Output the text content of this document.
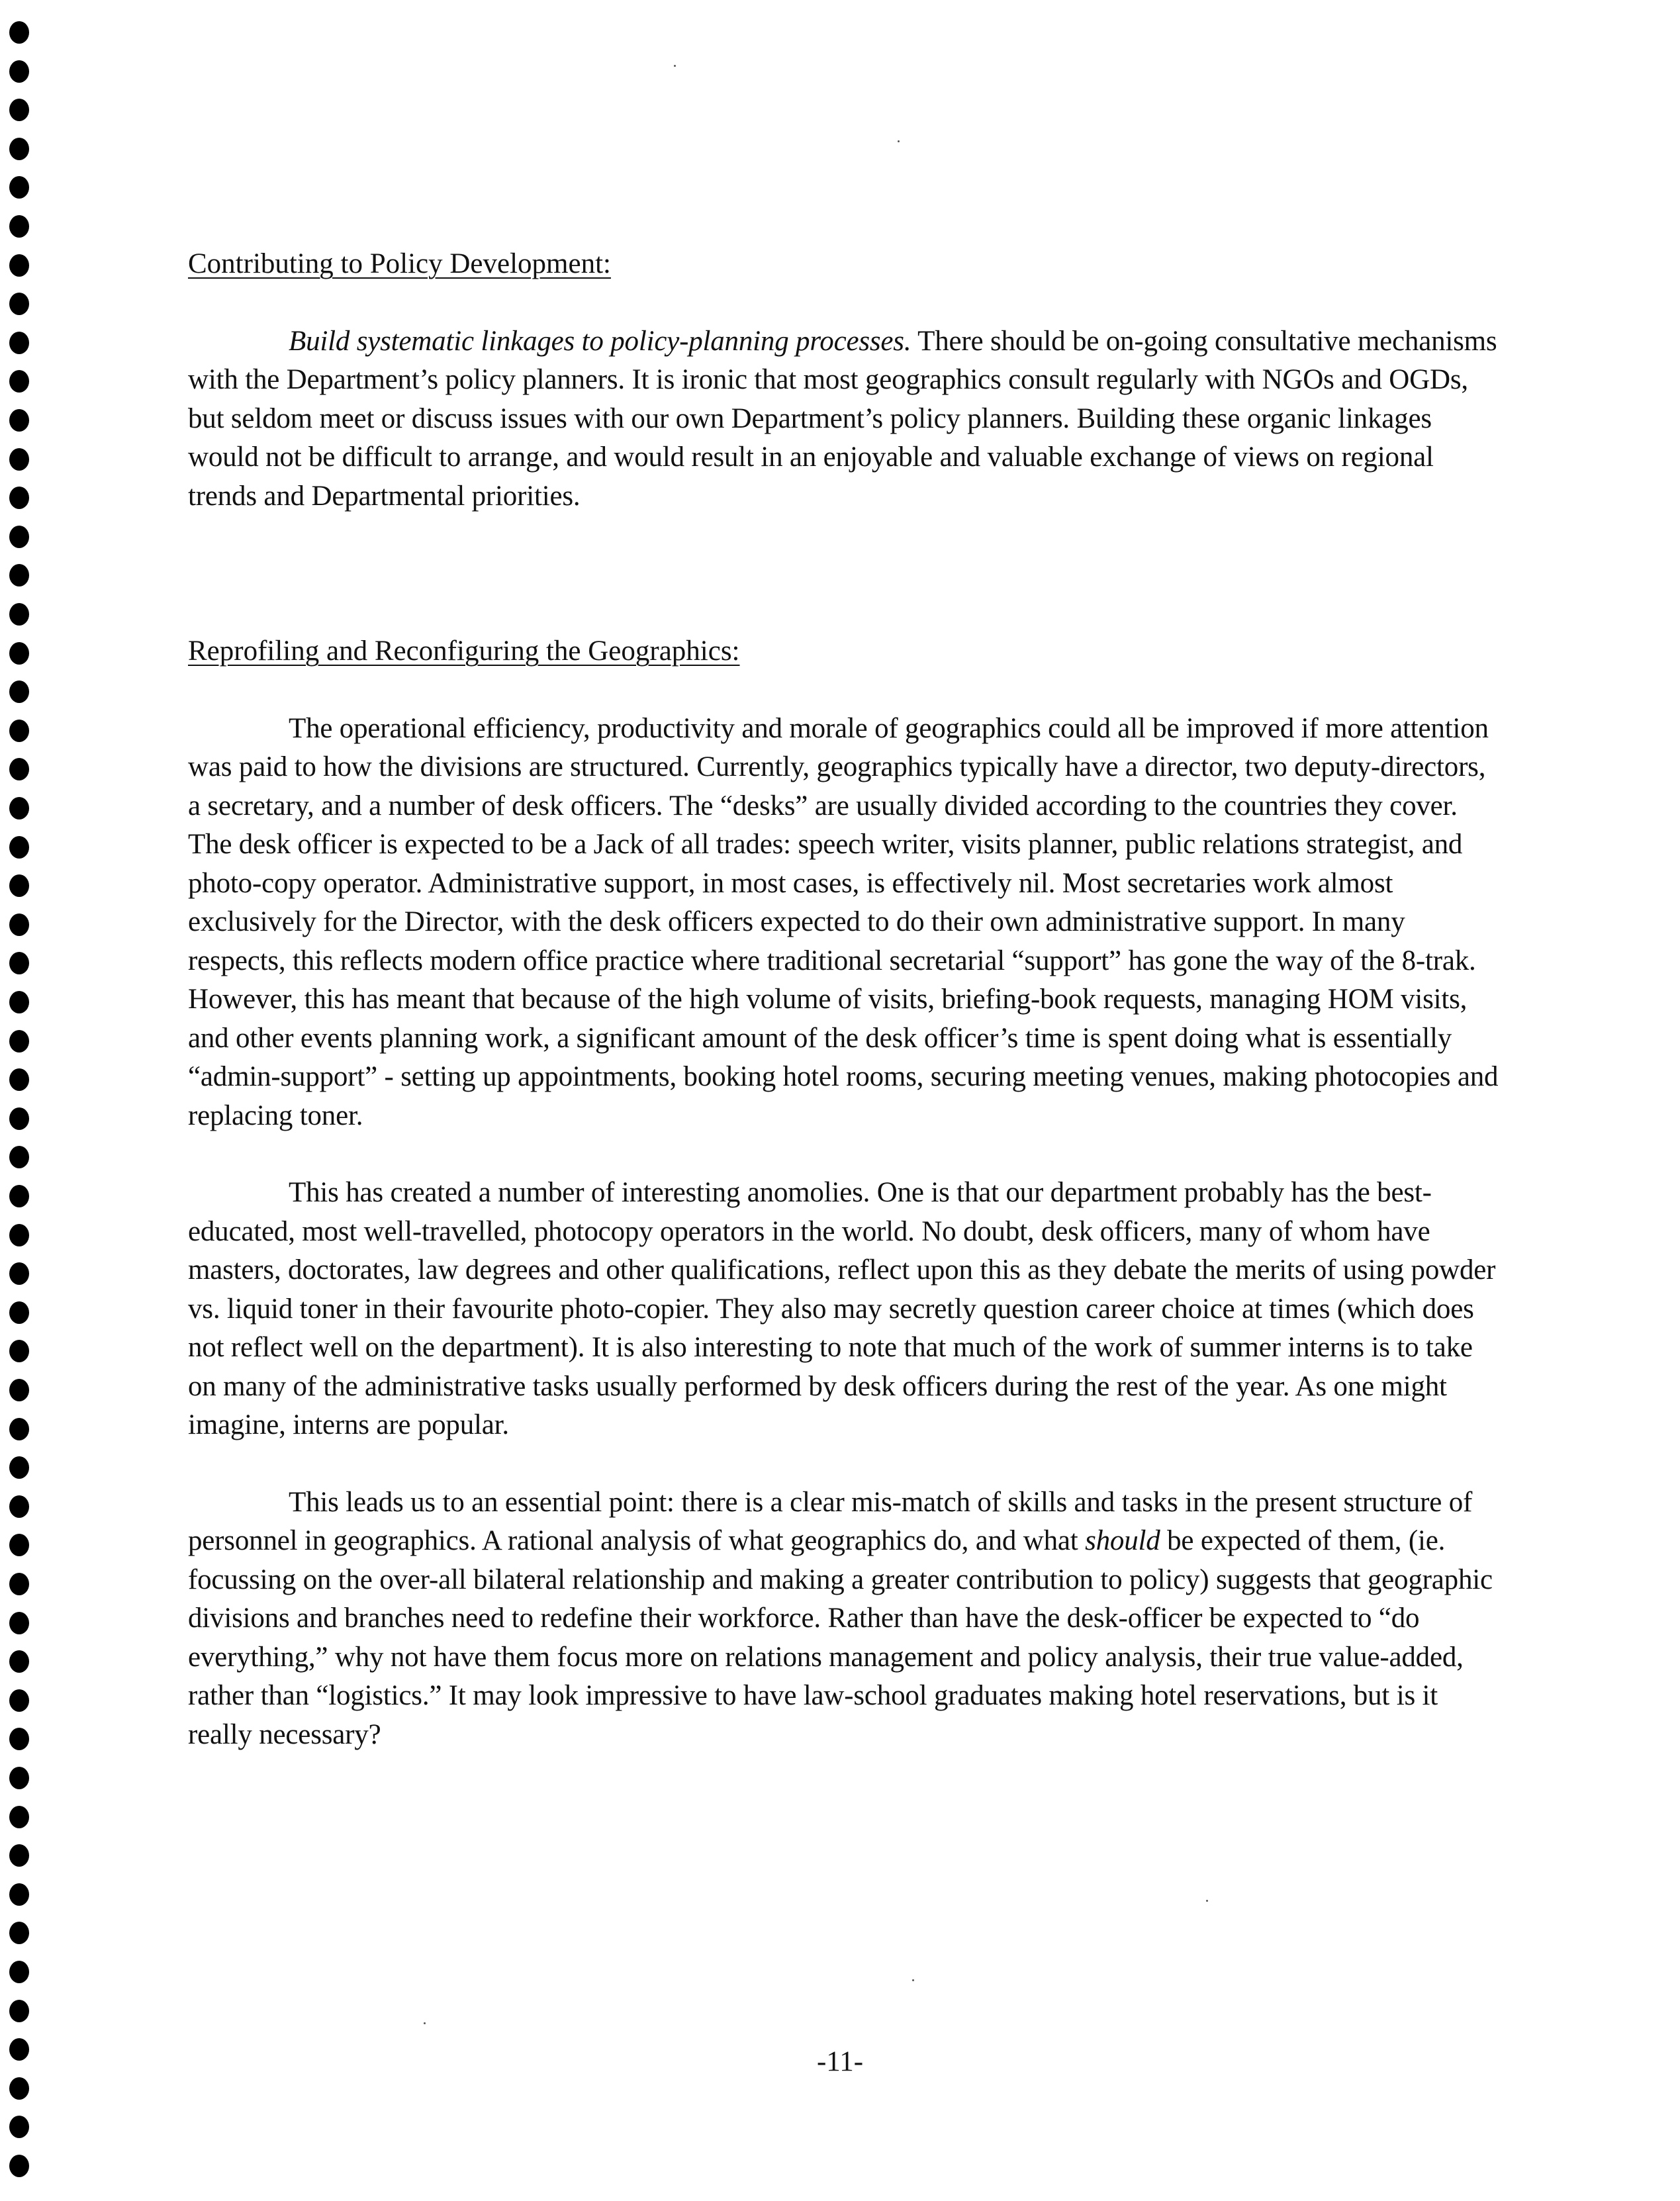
Contributing to Policy Development:

Build systematic linkages to policy-planning processes. There should be on-going consultative mechanisms with the Department’s policy planners. It is ironic that most geographics consult regularly with NGOs and OGDs, but seldom meet or discuss issues with our own Department’s policy planners. Building these organic linkages would not be difficult to arrange, and would result in an enjoyable and valuable exchange of views on regional trends and Departmental priorities.

Reprofiling and Reconfiguring the Geographics:

The operational efficiency, productivity and morale of geographics could all be improved if more attention was paid to how the divisions are structured. Currently, geographics typically have a director, two deputy-directors, a secretary, and a number of desk officers. The “desks” are usually divided according to the countries they cover. The desk officer is expected to be a Jack of all trades: speech writer, visits planner, public relations strategist, and photo-copy operator. Administrative support, in most cases, is effectively nil. Most secretaries work almost exclusively for the Director, with the desk officers expected to do their own administrative support. In many respects, this reflects modern office practice where traditional secretarial “support” has gone the way of the 8-trak. However, this has meant that because of the high volume of visits, briefing-book requests, managing HOM visits, and other events planning work, a significant amount of the desk officer’s time is spent doing what is essentially “admin-support” - setting up appointments, booking hotel rooms, securing meeting venues, making photocopies and replacing toner.

This has created a number of interesting anomolies. One is that our department probably has the best-educated, most well-travelled, photocopy operators in the world. No doubt, desk officers, many of whom have masters, doctorates, law degrees and other qualifications, reflect upon this as they debate the merits of using powder vs. liquid toner in their favourite photo-copier. They also may secretly question career choice at times (which does not reflect well on the department). It is also interesting to note that much of the work of summer interns is to take on many of the administrative tasks usually performed by desk officers during the rest of the year. As one might imagine, interns are popular.

This leads us to an essential point: there is a clear mis-match of skills and tasks in the present structure of personnel in geographics. A rational analysis of what geographics do, and what should be expected of them, (ie. focussing on the over-all bilateral relationship and making a greater contribution to policy) suggests that geographic divisions and branches need to redefine their workforce. Rather than have the desk-officer be expected to “do everything,” why not have them focus more on relations management and policy analysis, their true value-added, rather than “logistics.” It may look impressive to have law-school graduates making hotel reservations, but is it really necessary?

-11-
